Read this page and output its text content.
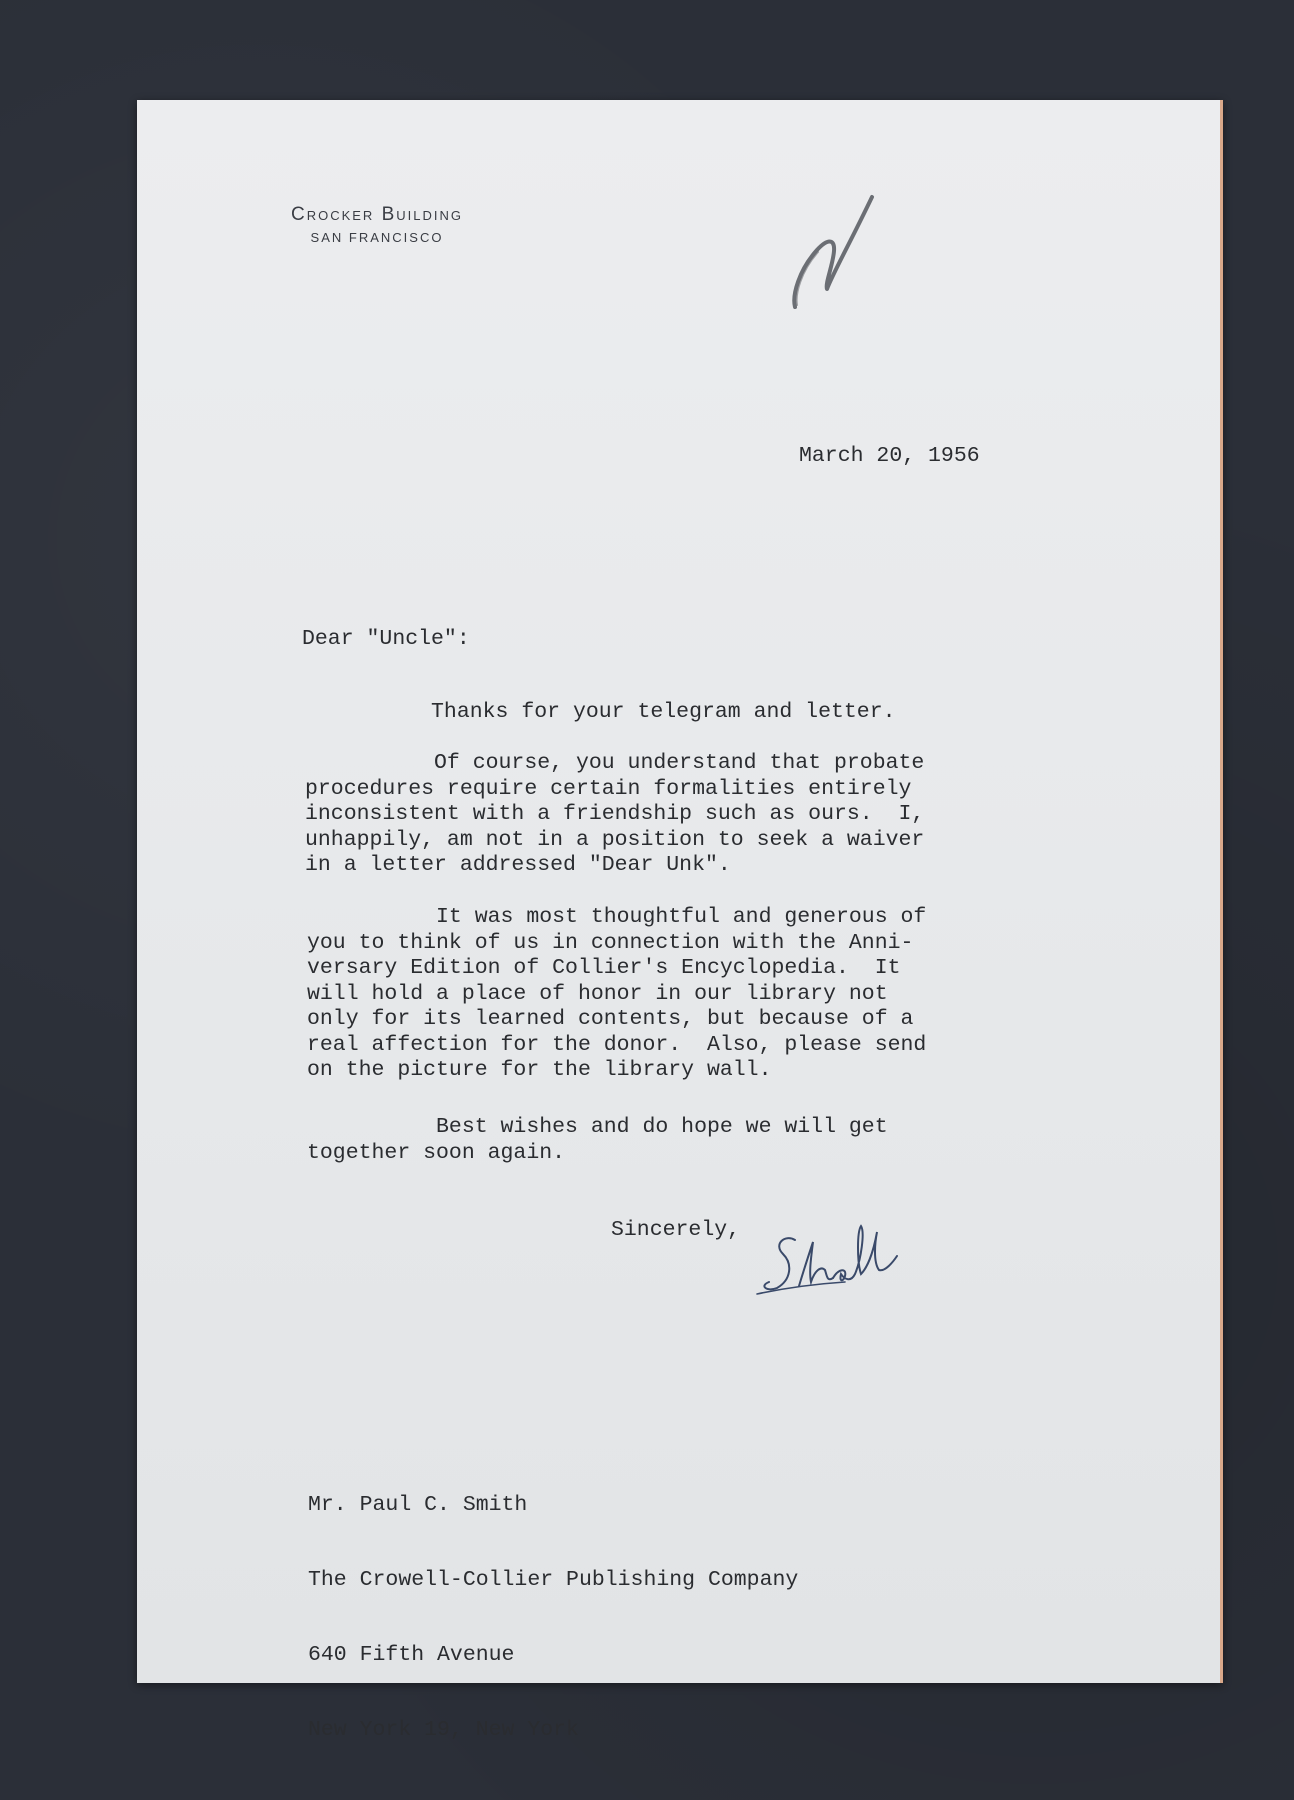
Crocker Building
SAN FRANCISCO
March 20, 1956
Dear "Uncle":
Thanks for your telegram and letter.
Of course, you understand that probate
procedures require certain formalities entirely
inconsistent with a friendship such as ours.  I,
unhappily, am not in a position to seek a waiver
in a letter addressed "Dear Unk".
It was most thoughtful and generous of
you to think of us in connection with the Anni-
versary Edition of Collier's Encyclopedia.  It
will hold a place of honor in our library not
only for its learned contents, but because of a
real affection for the donor.  Also, please send
on the picture for the library wall.
Best wishes and do hope we will get
together soon again.
Sincerely,

Mr. Paul C. Smith

The Crowell-Collier Publishing Company

640 Fifth Avenue

New York 19, New York
